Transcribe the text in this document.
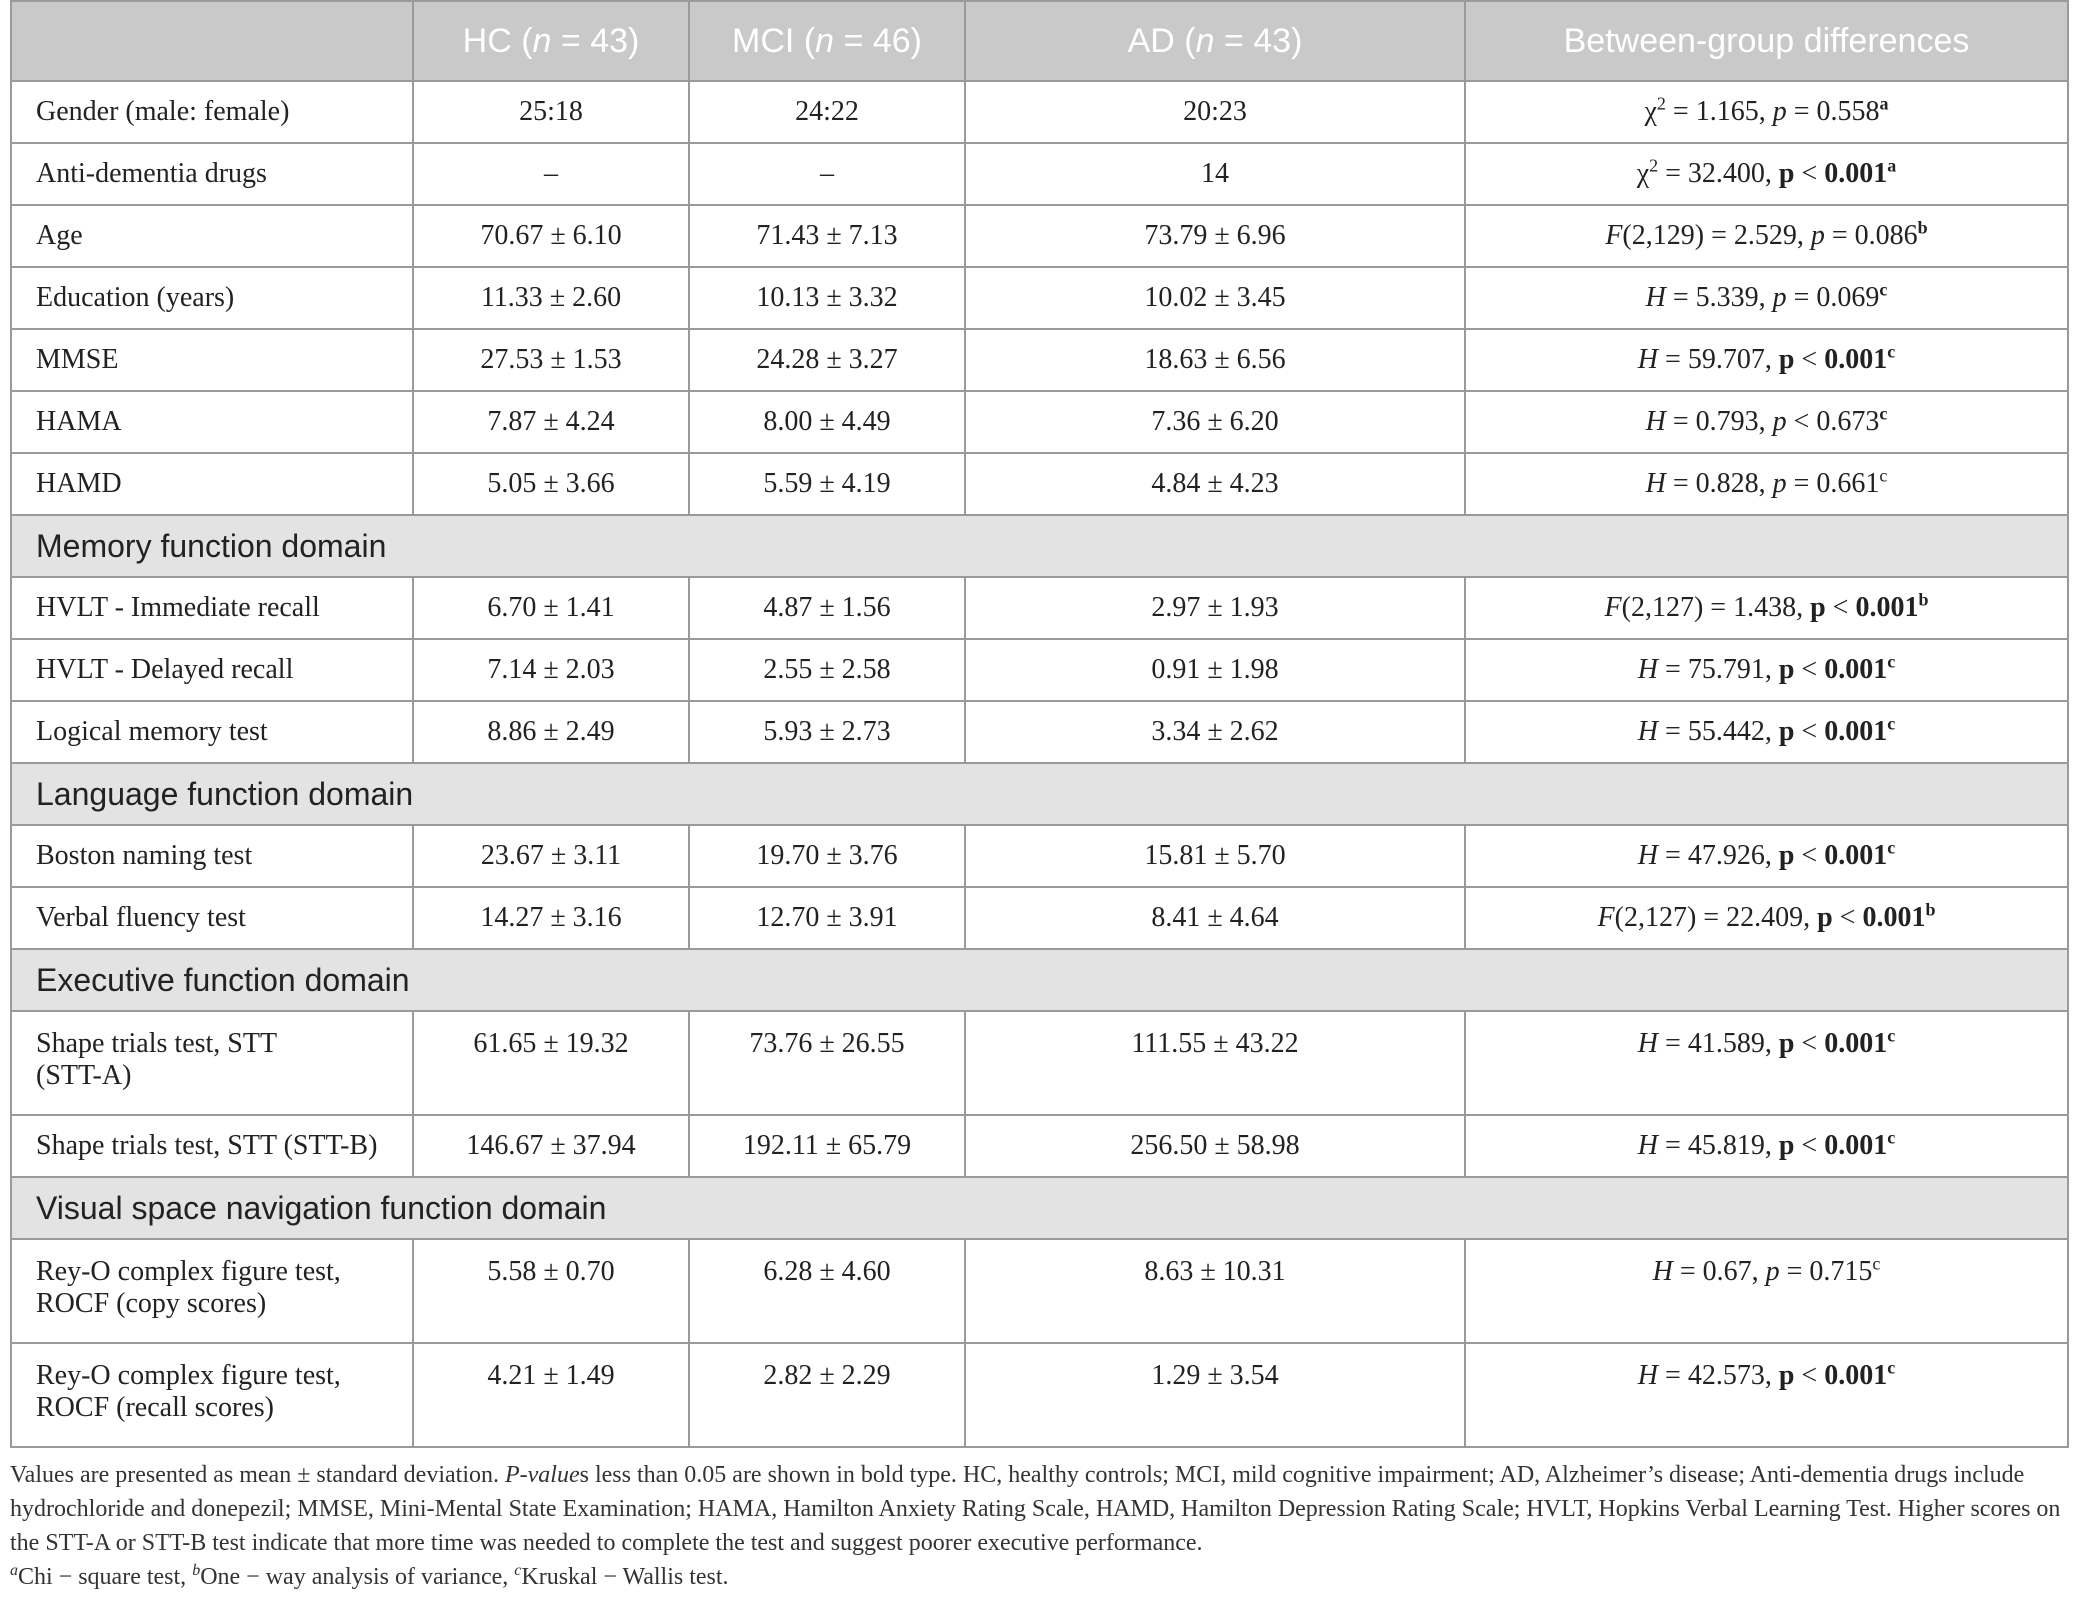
	HC (n = 43)	MCI (n = 46)	AD (n = 43)	Between-group differences
Gender (male: female)	25:18	24:22	20:23	$\chi^2 = 1.165$, p = 0.558$^a$
Anti-dementia drugs	–	–	14	$\chi^2 = 32.400$, p < 0.001$^a$
Age	70.67 ± 6.10	71.43 ± 7.13	73.79 ± 6.96	F(2,129) = 2.529, p = 0.086$^b$
Education (years)	11.33 ± 2.60	10.13 ± 3.32	10.02 ± 3.45	H = 5.339, p = 0.069$^c$
MMSE	27.53 ± 1.53	24.28 ± 3.27	18.63 ± 6.56	H = 59.707, p < 0.001$^c$
HAMA	7.87 ± 4.24	8.00 ± 4.49	7.36 ± 6.20	H = 0.793, p < 0.673$^c$
HAMD	5.05 ± 3.66	5.59 ± 4.19	4.84 ± 4.23	H = 0.828, p = 0.661$^c$
Memory function domain				
HVLT - Immediate recall	6.70 ± 1.41	4.87 ± 1.56	2.97 ± 1.93	F(2,127) = 1.438, p < 0.001$^b$
HVLT - Delayed recall	7.14 ± 2.03	2.55 ± 2.58	0.91 ± 1.98	H = 75.791, p < 0.001$^c$
Logical memory test	8.86 ± 2.49	5.93 ± 2.73	3.34 ± 2.62	H = 55.442, p < 0.001$^c$
Language function domain				
Boston naming test	23.67 ± 3.11	19.70 ± 3.76	15.81 ± 5.70	H = 47.926, p < 0.001$^c$
Verbal fluency test	14.27 ± 3.16	12.70 ± 3.91	8.41 ± 4.64	F(2,127) = 22.409, p < 0.001$^b$
Executive function domain				

Shape trials test, STT
(STT-A)	61.65 ± 19.32	73.76 ± 26.55	111.55 ± 43.22	H = 41.589, p < 0.001$^c$
Shape trials test, STT (STT-B)	146.67 ± 37.94	192.11 ± 65.79	256.50 ± 58.98	H = 45.819, p < 0.001$^c$
Visual space navigation function domain				

Rey-O complex figure test,
ROCF (copy scores)	5.58 ± 0.70	6.28 ± 4.60	8.63 ± 10.31	H = 0.67, p = 0.715$^c$

Rey-O complex figure test,
ROCF (recall scores)	4.21 ± 1.49	2.82 ± 2.29	1.29 ± 3.54	H = 42.573, p < 0.001$^c$
Values are presented as mean ± standard deviation. P-values less than 0.05 are shown in bold type. HC, healthy controls; MCI, mild cognitive impairment; AD, Alzheimer’s disease; Anti-dementia drugs include hydrochloride and donepezil; MMSE, Mini-Mental State Examination; HAMA, Hamilton Anxiety Rating Scale, HAMD, Hamilton Depression Rating Scale; HVLT, Hopkins Verbal Learning Test. Higher scores on the STT-A or STT-B test indicate that more time was needed to complete the test and suggest poorer executive performance.
$^a$Chi − square test, $^b$One − way analysis of variance, $^c$Kruskal − Wallis test.
